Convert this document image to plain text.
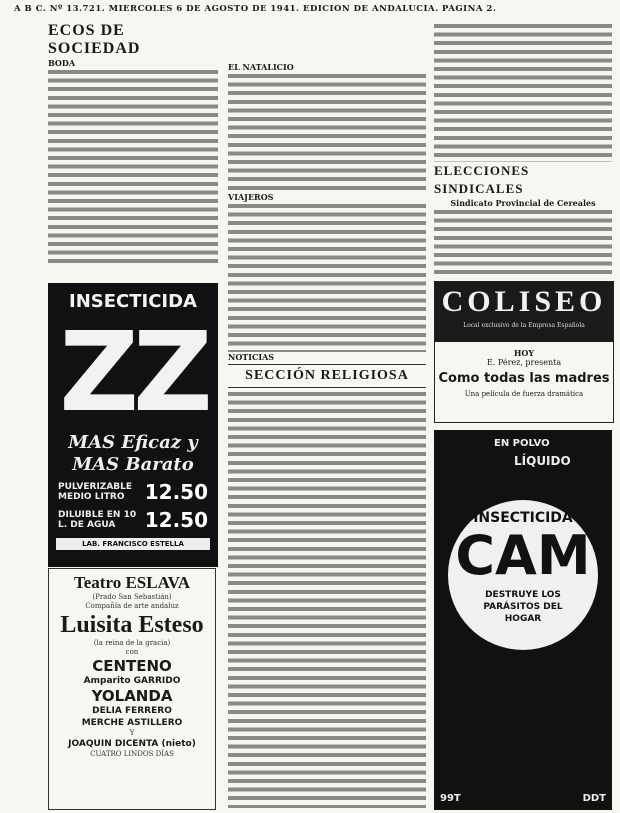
A B C. Nº 13.721. MIÉRCOLES 6 DE AGOSTO DE 1941. EDICIÓN DE ANDALUCÍA. PÁGINA 2.
ECOS DE SOCIEDAD
BODA
INSECTICIDA
ZZ
MAS Eficaz y
MAS Barato
PULVERIZABLE MEDIO LITRO	12.50
DILUIBLE EN 10 L. DE AGUA	12.50
LAB. FRANCISCO ESTELLA
Teatro ESLAVA
(Prado San Sebastián)
Compañía de arte andaluz
Luisita Esteso
(la reina de la gracia)
con
CENTENO
Amparito GARRIDO
YOLANDA
DELIA FERRERO
MERCHE ASTILLERO
Y
JOAQUIN DICENTA (nieto)
CUATRO LINDOS DÍAS
EL NATALICIO
VIAJEROS
NOTICIAS
SECCIÓN RELIGIOSA
ELECCIONES SINDICALES
Sindicato Provincial de Cereales
COLISEO
Local exclusivo de la Empresa Española
HOY
E. Pérez, presenta
Como todas las madres
Una película de fuerza dramática
EN POLVO
LÍQUIDO
INSECTICIDA
CAM
DESTRUYE LOS
PARÁSITOS DEL
HOGAR
99T	DDT
